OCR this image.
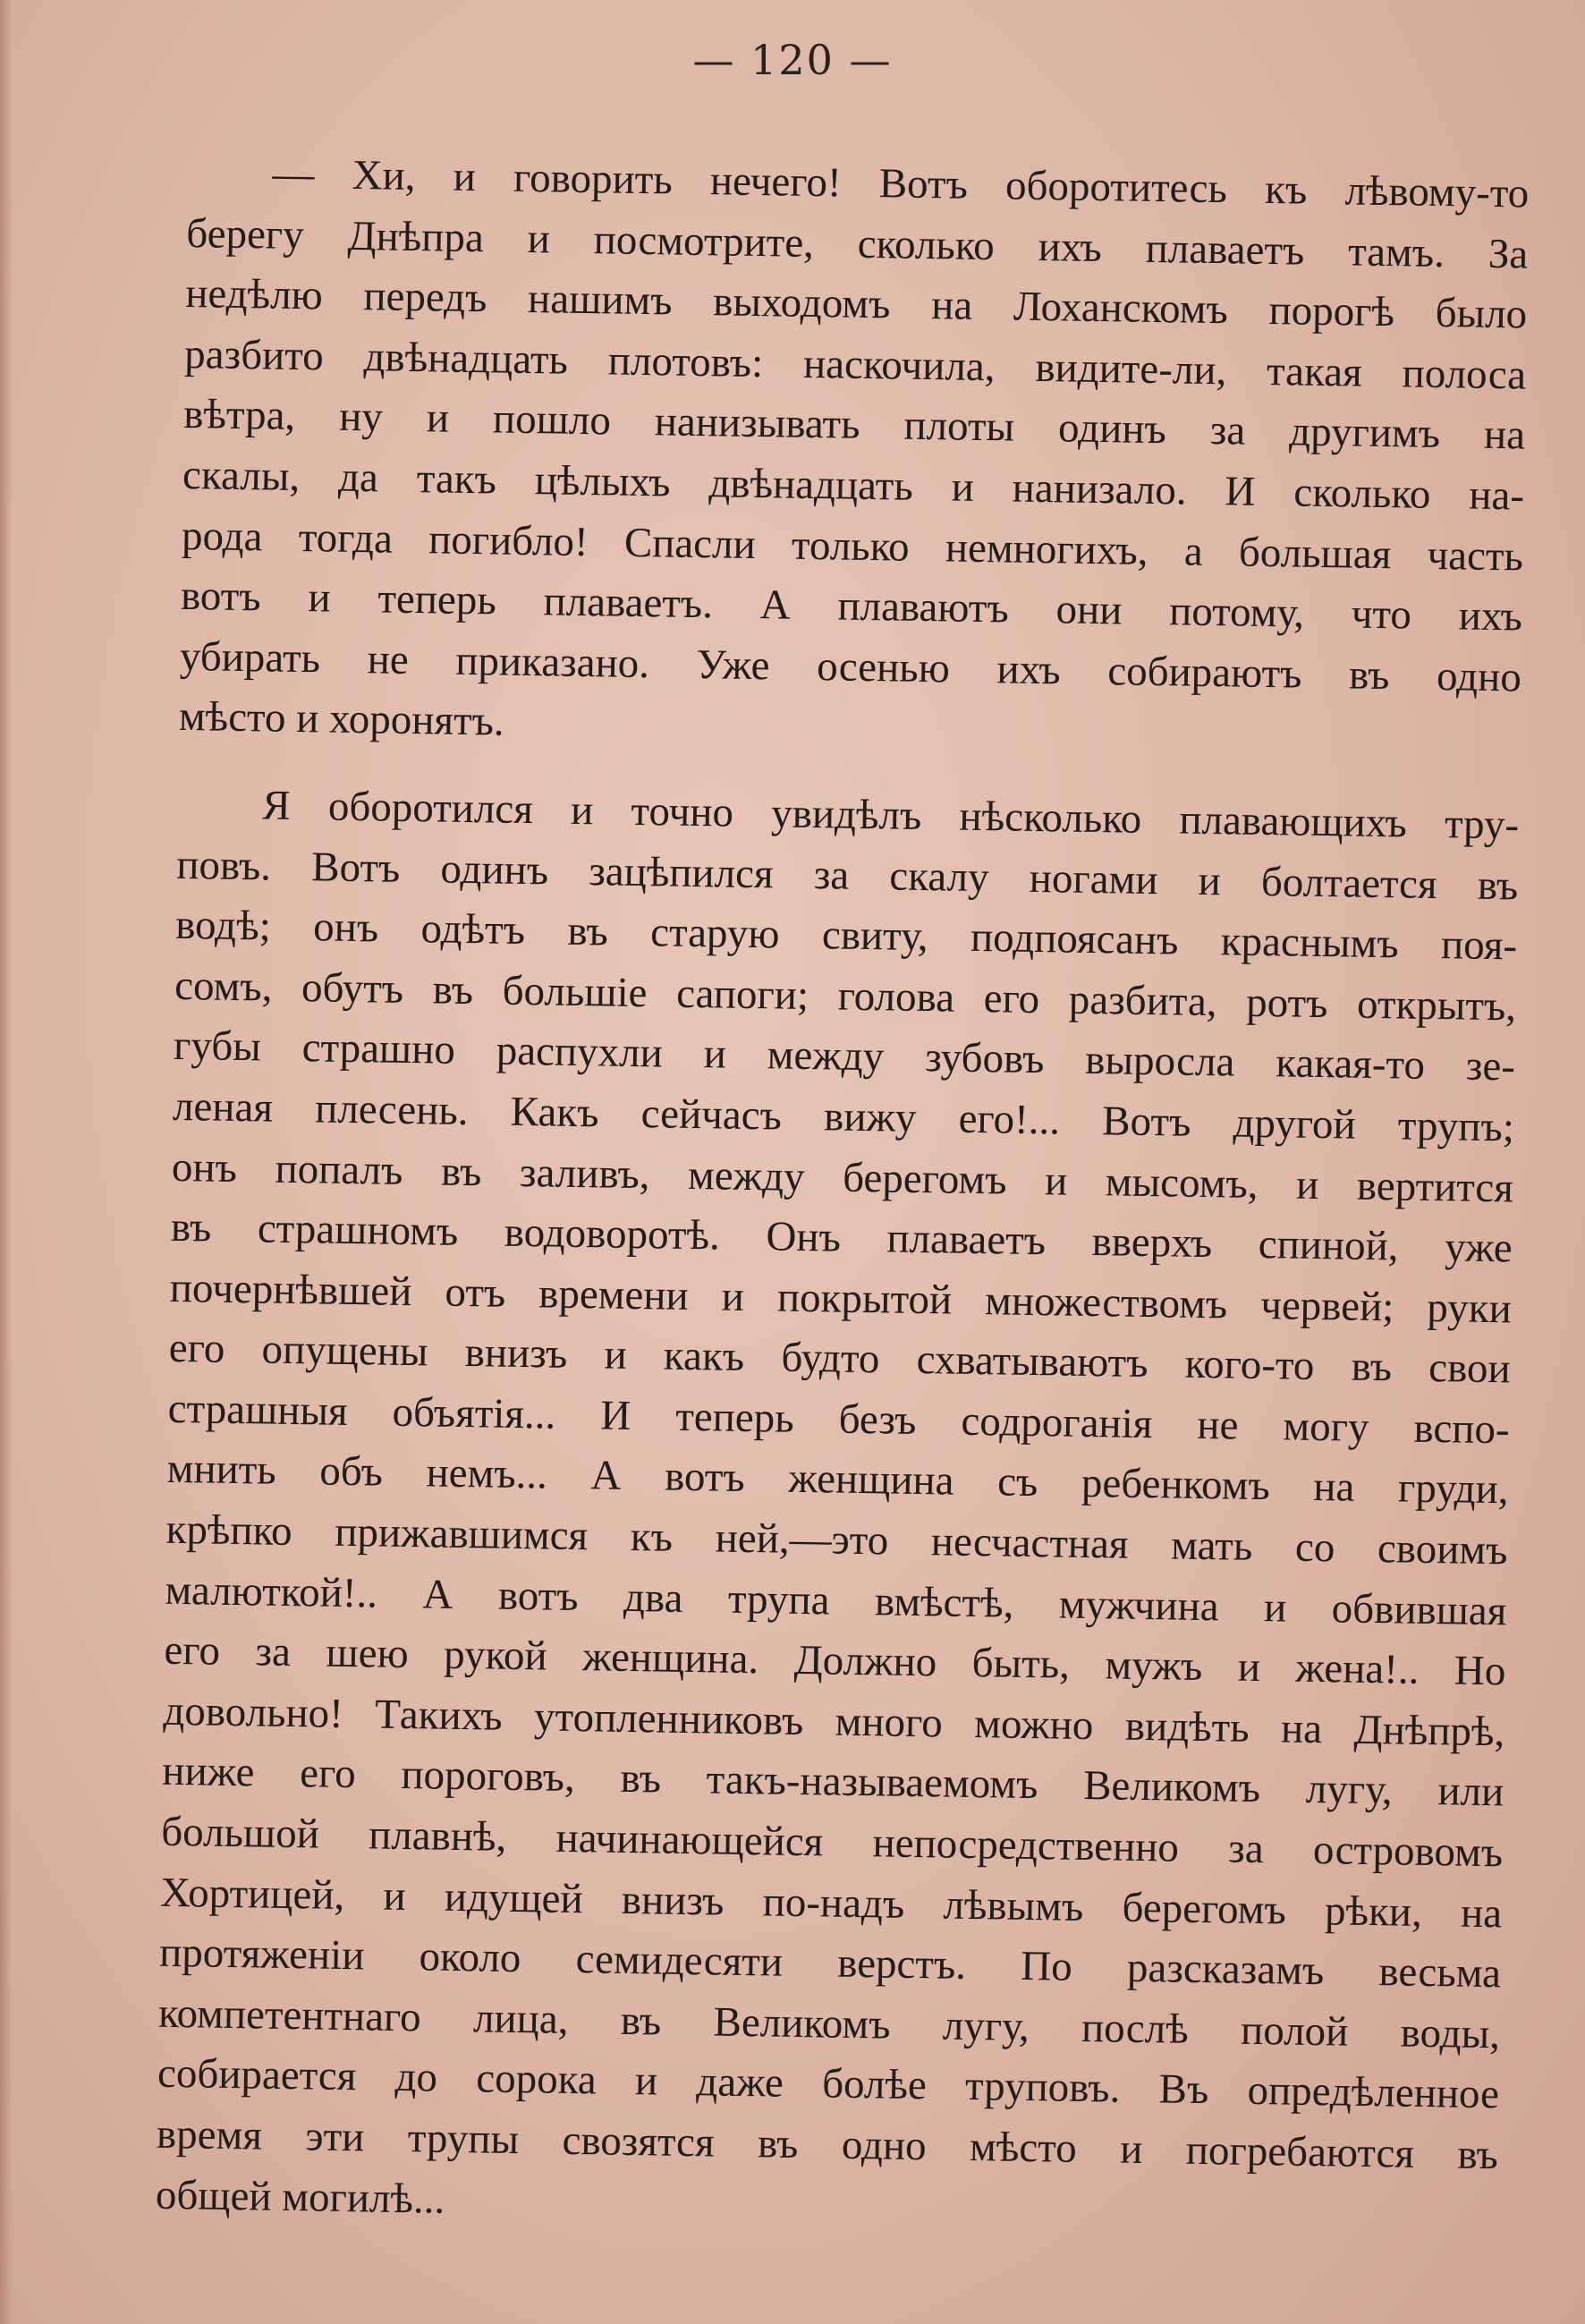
— 120 —
— Хи, и говорить нечего! Вотъ оборотитесь къ лѣвому-то
берегу Днѣпра и посмотрите, сколько ихъ плаваетъ тамъ. За
недѣлю передъ нашимъ выходомъ на Лоханскомъ порогѣ было
разбито двѣнадцать плотовъ: наскочила, видите-ли, такая полоса
вѣтра, ну и пошло нанизывать плоты одинъ за другимъ на
скалы, да такъ цѣлыхъ двѣнадцать и нанизало. И сколько на-
рода тогда погибло! Спасли только немногихъ, а большая часть
вотъ и теперь плаваетъ. А плаваютъ они потому, что ихъ
убирать не приказано. Уже осенью ихъ собираютъ въ одно
мѣсто и хоронятъ.
Я оборотился и точно увидѣлъ нѣсколько плавающихъ тру-
повъ. Вотъ одинъ зацѣпился за скалу ногами и болтается въ
водѣ; онъ одѣтъ въ старую свиту, подпоясанъ краснымъ поя-
сомъ, обутъ въ большіе сапоги; голова его разбита, ротъ открытъ,
губы страшно распухли и между зубовъ выросла какая-то зе-
леная плесень. Какъ сейчасъ вижу его!... Вотъ другой трупъ;
онъ попалъ въ заливъ, между берегомъ и мысомъ, и вертится
въ страшномъ водоворотѣ. Онъ плаваетъ вверхъ спиной, уже
почернѣвшей отъ времени и покрытой множествомъ червей; руки
его опущены внизъ и какъ будто схватываютъ кого-то въ свои
страшныя объятія... И теперь безъ содроганія не могу вспо-
мнить объ немъ... А вотъ женщина съ ребенкомъ на груди,
крѣпко прижавшимся къ ней,—это несчастная мать со своимъ
малюткой!.. А вотъ два трупа вмѣстѣ, мужчина и обвившая
его за шею рукой женщина. Должно быть, мужъ и жена!.. Но
довольно! Такихъ утопленниковъ много можно видѣть на Днѣпрѣ,
ниже его пороговъ, въ такъ-называемомъ Великомъ лугу, или
большой плавнѣ, начинающейся непосредственно за островомъ
Хортицей, и идущей внизъ по-надъ лѣвымъ берегомъ рѣки, на
протяженіи около семидесяти верстъ. По разсказамъ весьма
компетентнаго лица, въ Великомъ лугу, послѣ полой воды,
собирается до сорока и даже болѣе труповъ. Въ опредѣленное
время эти трупы свозятся въ одно мѣсто и погребаются въ
общей могилѣ...
